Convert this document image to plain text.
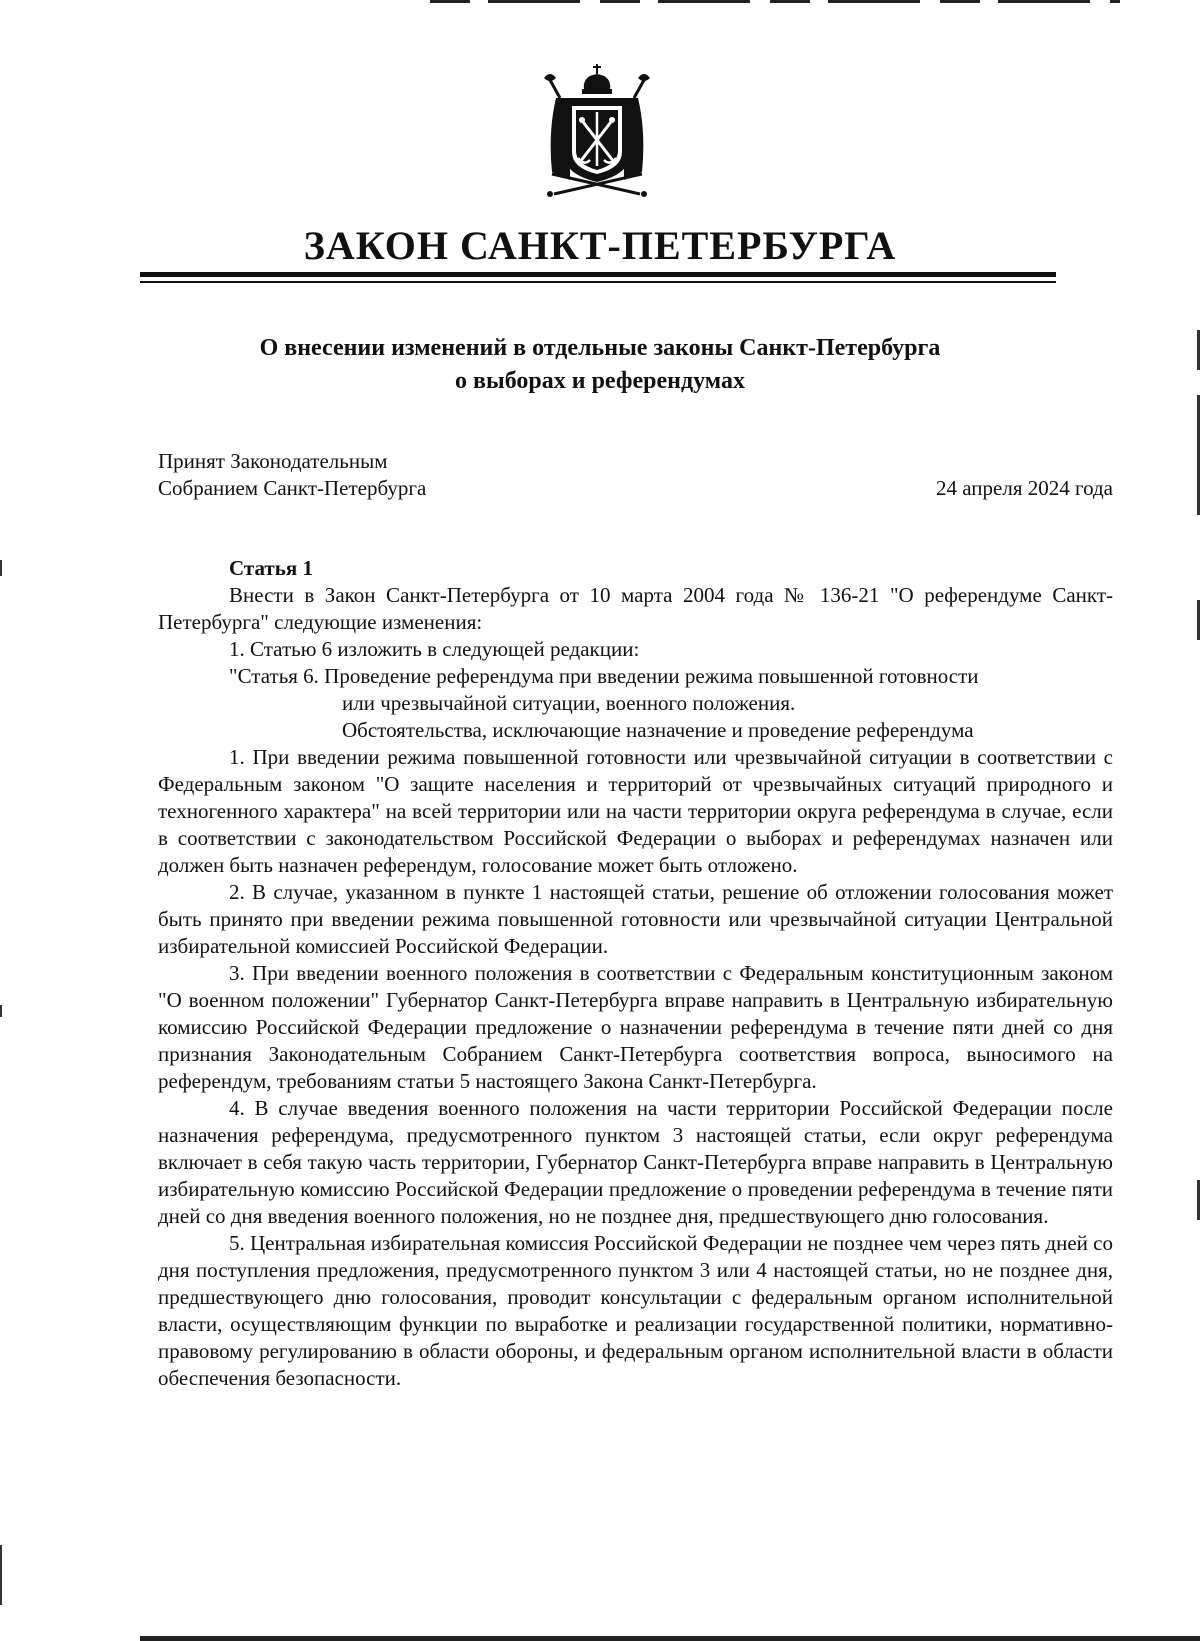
ЗАКОН САНКТ-ПЕТЕРБУРГА
О внесении изменений в отдельные законы Санкт-Петербурга
о выборах и референдумах
Принят Законодательным
Собранием Санкт-Петербурга	24 апреля 2024 года

Статья 1

Внести в Закон Санкт-Петербурга от 10 марта 2004 года № 136-21 "О референдуме Санкт-Петербурга" следующие изменения:

1. Статью 6 изложить в следующей редакции:

"Статья 6. Проведение референдума при введении режима повышенной готовности

или чрезвычайной ситуации, военного положения.

Обстоятельства, исключающие назначение и проведение референдума

1. При введении режима повышенной готовности или чрезвычайной ситуации в соответствии с Федеральным законом "О защите населения и территорий от чрезвычайных ситуаций природного и техногенного характера" на всей территории или на части территории округа референдума в случае, если в соответствии с законодательством Российской Федерации о выборах и референдумах назначен или должен быть назначен референдум, голосование может быть отложено.

2. В случае, указанном в пункте 1 настоящей статьи, решение об отложении голосования может быть принято при введении режима повышенной готовности или чрезвычайной ситуации Центральной избирательной комиссией Российской Федерации.

3. При введении военного положения в соответствии с Федеральным конституционным законом "О военном положении" Губернатор Санкт-Петербурга вправе направить в Центральную избирательную комиссию Российской Федерации предложение о назначении референдума в течение пяти дней со дня признания Законодательным Собранием Санкт-Петербурга соответствия вопроса, выносимого на референдум, требованиям статьи 5 настоящего Закона Санкт-Петербурга.

4. В случае введения военного положения на части территории Российской Федерации после назначения референдума, предусмотренного пунктом 3 настоящей статьи, если округ референдума включает в себя такую часть территории, Губернатор Санкт-Петербурга вправе направить в Центральную избирательную комиссию Российской Федерации предложение о проведении референдума в течение пяти дней со дня введения военного положения, но не позднее дня, предшествующего дню голосования.

5. Центральная избирательная комиссия Российской Федерации не позднее чем через пять дней со дня поступления предложения, предусмотренного пунктом 3 или 4 настоящей статьи, но не позднее дня, предшествующего дню голосования, проводит консультации с федеральным органом исполнительной власти, осуществляющим функции по выработке и реализации государственной политики, нормативно-правовому регулированию в области обороны, и федеральным органом исполнительной власти в области обеспечения безопасности.
